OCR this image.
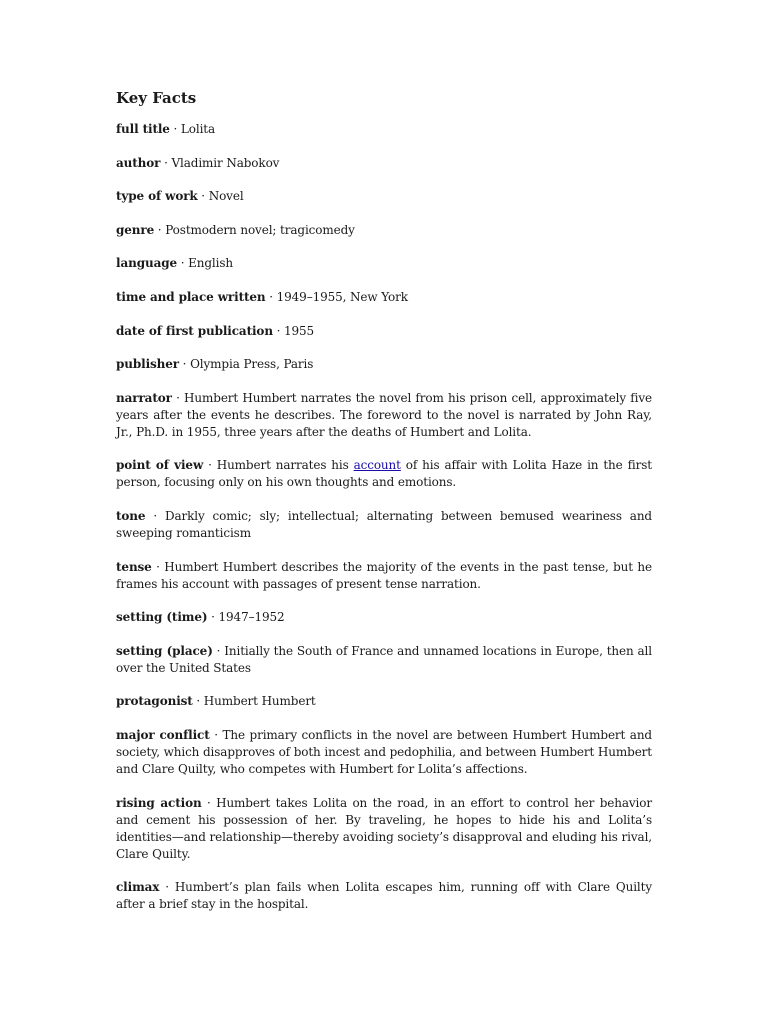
Key Facts

full title · Lolita

author · Vladimir Nabokov

type of work · Novel

genre · Postmodern novel; tragicomedy

language · English

time and place written · 1949–1955, New York

date of first publication · 1955

publisher · Olympia Press, Paris

narrator · Humbert Humbert narrates the novel from his prison cell, approximately five years after the events he describes. The foreword to the novel is narrated by John Ray, Jr., Ph.D. in 1955, three years after the deaths of Humbert and Lolita.

point of view · Humbert narrates his account of his affair with Lolita Haze in the first person, focusing only on his own thoughts and emotions.

tone · Darkly comic; sly; intellectual; alternating between bemused weariness and sweeping romanticism

tense · Humbert Humbert describes the majority of the events in the past tense, but he frames his account with passages of present tense narration.

setting (time) · 1947–1952

setting (place) · Initially the South of France and unnamed locations in Europe, then all over the United States

protagonist · Humbert Humbert

major conflict · The primary conflicts in the novel are between Humbert Humbert and society, which disapproves of both incest and pedophilia, and between Humbert Humbert and Clare Quilty, who competes with Humbert for Lolita’s affections.

rising action · Humbert takes Lolita on the road, in an effort to control her behavior and cement his possession of her. By traveling, he hopes to hide his and Lolita’s identities—and relationship—thereby avoiding society’s disapproval and eluding his rival, Clare Quilty.

climax · Humbert’s plan fails when Lolita escapes him, running off with Clare Quilty after a brief stay in the hospital.
